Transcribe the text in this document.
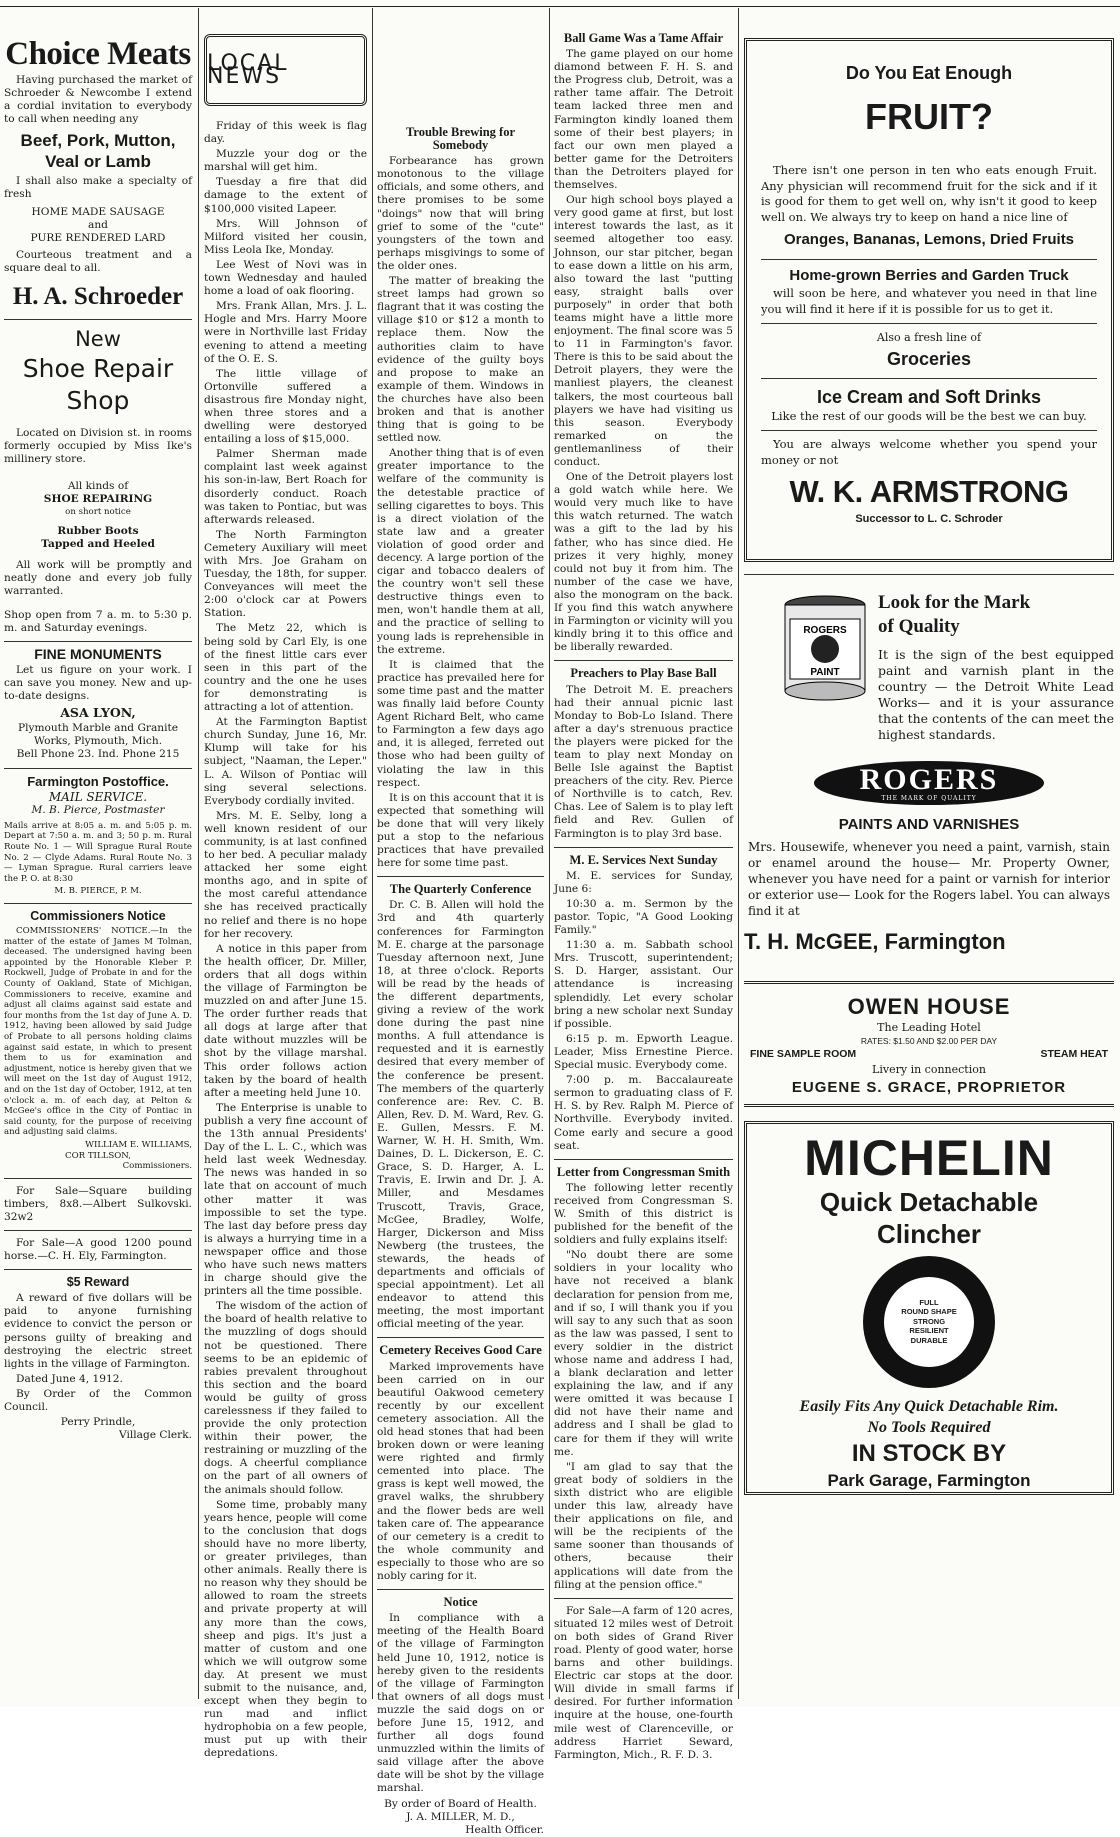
Choice Meats

Having purchased the market of Schroeder & Newcombe I extend a cordial invitation to everybody to call when needing any

Beef, Pork, Mutton, Veal or Lamb

I shall also make a specialty of fresh

HOME MADE SAUSAGE
and
PURE RENDERED LARD

Courteous treatment and a square deal to all.

H. A. Schroeder
New
Shoe Repair
Shop

Located on Division st. in rooms formerly occupied by Miss Ike's millinery store.

All kinds of
SHOE REPAIRING
on short notice
Rubber Boots
Tapped and Heeled

All work will be promptly and neatly done and every job fully warranted.

Shop open from 7 a. m. to 5:30 p. m. and Saturday evenings.

FINE MONUMENTS

Let us figure on your work. I can save you money. New and up-to-date designs.

ASA LYON,
Plymouth Marble and Granite Works, Plymouth, Mich.
Bell Phone 23. Ind. Phone 215
Farmington Postoffice.
MAIL SERVICE.
M. B. Pierce, Postmaster

Mails arrive at 8:05 a. m. and 5:05 p. m. Depart at 7:50 a. m. and 3; 50 p. m. Rural Route No. 1 — Will Sprague Rural Route No. 2 — Clyde Adams. Rural Route No. 3 — Lyman Sprague. Rural carriers leave the P. O. at 8:30

M. B. PIERCE, P. M.
Commissioners Notice

COMMISSIONERS' NOTICE.—In the matter of the estate of James M Tolman, deceased. The undersigned having been appointed by the Honorable Kleber P. Rockwell, Judge of Probate in and for the County of Oakland, State of Michigan, Commissioners to receive, examine and adjust all claims against said estate and four months from the 1st day of June A. D. 1912, having been allowed by said Judge of Probate to all persons holding claims against said estate, in which to present them to us for examination and adjustment, notice is hereby given that we will meet on the 1st day of August 1912, and on the 1st day of October, 1912, at ten o'clock a. m. of each day, at Pelton & McGee's office in the City of Pontiac in said county, for the purpose of receiving and adjusting said claims.

WILLIAM E. WILLIAMS,
COR TILLSON,
Commissioners.

For Sale—Square building timbers, 8x8.—Albert Sulkovski. 32w2

For Sale—A good 1200 pound horse.—C. H. Ely, Farmington.

$5 Reward

A reward of five dollars will be paid to anyone furnishing evidence to convict the person or persons guilty of breaking and destroying the electric street lights in the village of Farmington.

Dated June 4, 1912.

By Order of the Common Council.

Perry Prindle,
Village Clerk.
LOCAL NEWS

Friday of this week is flag day.

Muzzle your dog or the marshal will get him.

Tuesday a fire that did damage to the extent of $100,000 visited Lapeer.

Mrs. Will Johnson of Milford visited her cousin, Miss Leola Ike, Monday.

Lee West of Novi was in town Wednesday and hauled home a load of oak flooring.

Mrs. Frank Allan, Mrs. J. L. Hogle and Mrs. Harry Moore were in Northville last Friday evening to attend a meeting of the O. E. S.

The little village of Ortonville suffered a disastrous fire Monday night, when three stores and a dwelling were destoryed entailing a loss of $15,000.

Palmer Sherman made complaint last week against his son-in-law, Bert Roach for disorderly conduct. Roach was taken to Pontiac, but was afterwards released.

The North Farmington Cemetery Auxiliary will meet with Mrs. Joe Graham on Tuesday, the 18th, for supper. Conveyances will meet the 2:00 o'clock car at Powers Station.

The Metz 22, which is being sold by Carl Ely, is one of the finest little cars ever seen in this part of the country and the one he uses for demonstrating is attracting a lot of attention.

At the Farmington Baptist church Sunday, June 16, Mr. Klump will take for his subject, "Naaman, the Leper." L. A. Wilson of Pontiac will sing several selections. Everybody cordially invited.

Mrs. M. E. Selby, long a well known resident of our community, is at last confined to her bed. A peculiar malady attacked her some eight months ago, and in spite of the most careful attendance she has received practically no relief and there is no hope for her recovery.

A notice in this paper from the health officer, Dr. Miller, orders that all dogs within the village of Farmington be muzzled on and after June 15. The order further reads that all dogs at large after that date without muzzles will be shot by the village marshal. This order follows action taken by the board of health after a meeting held June 10.

The Enterprise is unable to publish a very fine account of the 13th annual Presidents' Day of the L. L. C., which was held last week Wednesday. The news was handed in so late that on account of much other matter it was impossible to set the type. The last day before press day is always a hurrying time in a newspaper office and those who have such news matters in charge should give the printers all the time possible.

The wisdom of the action of the board of health relative to the muzzling of dogs should not be questioned. There seems to be an epidemic of rabies prevalent throughout this section and the board would be guilty of gross carelessness if they failed to provide the only protection within their power, the restraining or muzzling of the dogs. A cheerful compliance on the part of all owners of the animals should follow.

Some time, probably many years hence, people will come to the conclusion that dogs should have no more liberty, or greater privileges, than other animals. Really there is no reason why they should be allowed to roam the streets and private property at will any more than the cows, sheep and pigs. It's just a matter of custom and one which we will outgrow some day. At present we must submit to the nuisance, and, except when they begin to run mad and inflict hydrophobia on a few people, must put up with their depredations.

Trouble Brewing for Somebody

Forbearance has grown monotonous to the village officials, and some others, and there promises to be some "doings" now that will bring grief to some of the "cute" youngsters of the town and perhaps misgivings to some of the older ones.

The matter of breaking the street lamps had grown so flagrant that it was costing the village $10 or $12 a month to replace them. Now the authorities claim to have evidence of the guilty boys and propose to make an example of them. Windows in the churches have also been broken and that is another thing that is going to be settled now.

Another thing that is of even greater importance to the welfare of the community is the detestable practice of selling cigarettes to boys. This is a direct violation of the state law and a greater violation of good order and decency. A large portion of the cigar and tobacco dealers of the country won't sell these destructive things even to men, won't handle them at all, and the practice of selling to young lads is reprehensible in the extreme.

It is claimed that the practice has prevailed here for some time past and the matter was finally laid before County Agent Richard Belt, who came to Farmington a few days ago and, it is alleged, ferreted out those who had been guilty of violating the law in this respect.

It is on this account that it is expected that something will be done that will very likely put a stop to the nefarious practices that have prevailed here for some time past.

The Quarterly Conference

Dr. C. B. Allen will hold the 3rd and 4th quarterly conferences for Farmington M. E. charge at the parsonage Tuesday afternoon next, June 18, at three o'clock. Reports will be read by the heads of the different departments, giving a review of the work done during the past nine months. A full attendance is requested and it is earnestly desired that every member of the conference be present. The members of the quarterly conference are: Rev. C. B. Allen, Rev. D. M. Ward, Rev. G. E. Gullen, Messrs. F. M. Warner, W. H. H. Smith, Wm. Daines, D. L. Dickerson, E. C. Grace, S. D. Harger, A. L. Travis, E. Irwin and Dr. J. A. Miller, and Mesdames Truscott, Travis, Grace, McGee, Bradley, Wolfe, Harger, Dickerson and Miss Newberg (the trustees, the stewards, the heads of departments and officials of special appointment). Let all endeavor to attend this meeting, the most important official meeting of the year.

Cemetery Receives Good Care

Marked improvements have been carried on in our beautiful Oakwood cemetery recently by our excellent cemetery association. All the old head stones that had been broken down or were leaning were righted and firmly cemented into place. The grass is kept well mowed, the gravel walks, the shrubbery and the flower beds are well taken care of. The appearance of our cemetery is a credit to the whole community and especially to those who are so nobly caring for it.

Notice

In compliance with a meeting of the Health Board of the village of Farmington held June 10, 1912, notice is hereby given to the residents of the village of Farmington that owners of all dogs must muzzle the said dogs on or before June 15, 1912, and further all dogs found unmuzzled within the limits of said village after the above date will be shot by the village marshal.

By order of Board of Health.
J. A. MILLER, M. D.,
Health Officer.
Ball Game Was a Tame Affair

The game played on our home diamond between F. H. S. and the Progress club, Detroit, was a rather tame affair. The Detroit team lacked three men and Farmington kindly loaned them some of their best players; in fact our own men played a better game for the Detroiters than the Detroiters played for themselves.

Our high school boys played a very good game at first, but lost interest towards the last, as it seemed altogether too easy. Johnson, our star pitcher, began to ease down a little on his arm, also toward the last "putting easy, straight balls over purposely" in order that both teams might have a little more enjoyment. The final score was 5 to 11 in Farmington's favor. There is this to be said about the Detroit players, they were the manliest players, the cleanest talkers, the most courteous ball players we have had visiting us this season. Everybody remarked on the gentlemanliness of their conduct.

One of the Detroit players lost a gold watch while here. We would very much like to have this watch returned. The watch was a gift to the lad by his father, who has since died. He prizes it very highly, money could not buy it from him. The number of the case we have, also the monogram on the back. If you find this watch anywhere in Farmington or vicinity will you kindly bring it to this office and be liberally rewarded.

Preachers to Play Base Ball

The Detroit M. E. preachers had their annual picnic last Monday to Bob-Lo Island. There after a day's strenuous practice the players were picked for the team to play next Monday on Belle Isle against the Baptist preachers of the city. Rev. Pierce of Northville is to catch, Rev. Chas. Lee of Salem is to play left field and Rev. Gullen of Farmington is to play 3rd base.

M. E. Services Next Sunday

M. E. services for Sunday, June 6:

10:30 a. m. Sermon by the pastor. Topic, "A Good Looking Family."

11:30 a. m. Sabbath school Mrs. Truscott, superintendent; S. D. Harger, assistant. Our attendance is increasing splendidly. Let every scholar bring a new scholar next Sunday if possible.

6:15 p. m. Epworth League. Leader, Miss Ernestine Pierce. Special music. Everybody come.

7:00 p. m. Baccalaureate sermon to graduating class of F. H. S. by Rev. Ralph M. Pierce of Northville. Everybody invited. Come early and secure a good seat.

Letter from Congressman Smith

The following letter recently received from Congressman S. W. Smith of this district is published for the benefit of the soldiers and fully explains itself:

"No doubt there are some soldiers in your locality who have not received a blank declaration for pension from me, and if so, I will thank you if you will say to any such that as soon as the law was passed, I sent to every soldier in the district whose name and address I had, a blank declaration and letter explaining the law, and if any were omitted it was because I did not have their name and address and I shall be glad to care for them if they will write me.

"I am glad to say that the great body of soldiers in the sixth district who are eligible under this law, already have their applications on file, and will be the recipients of the same sooner than thousands of others, because their applications will date from the filing at the pension office."

For Sale—A farm of 120 acres, situated 12 miles west of Detroit on both sides of Grand River road. Plenty of good water, horse barns and other buildings. Electric car stops at the door. Will divide in small farms if desired. For further information inquire at the house, one-fourth mile west of Clarenceville, or address Harriet Seward, Farmington, Mich., R. F. D. 3.

Do You Eat Enough
FRUIT?

There isn't one person in ten who eats enough Fruit. Any physician will recommend fruit for the sick and if it is good for them to get well on, why isn't it good to keep well on. We always try to keep on hand a nice line of

Oranges, Bananas, Lemons, Dried Fruits
Home-grown Berries and Garden Truck

will soon be here, and whatever you need in that line you will find it here if it is possible for us to get it.

Also a fresh line of
Groceries
Ice Cream and Soft Drinks
Like the rest of our goods will be the best we can buy.

You are always welcome whether you spend your money or not

W. K. ARMSTRONG
Successor to L. C. Schroder
ROGERS
PAINT
Look for the Mark
of Quality

It is the sign of the best equipped paint and varnish plant in the country — the Detroit White Lead Works— and it is your assurance that the contents of the can meet the highest standards.

ROGERS
THE MARK OF QUALITY
PAINTS AND VARNISHES

Mrs. Housewife, whenever you need a paint, varnish, stain or enamel around the house— Mr. Property Owner, whenever you have need for a paint or varnish for interior or exterior use— Look for the Rogers label. You can always find it at

T. H. McGEE, Farmington
OWEN HOUSE
The Leading Hotel
RATES: $1.50 AND $2.00 PER DAY
FINE SAMPLE ROOM	STEAM HEAT
Livery in connection
EUGENE S. GRACE, PROPRIETOR
MICHELIN
Quick Detachable
Clincher
FULL
ROUND SHAPE
STRONG
RESILIENT
DURABLE
Easily Fits Any Quick Detachable Rim.
No Tools Required
IN STOCK BY
Park Garage, Farmington
